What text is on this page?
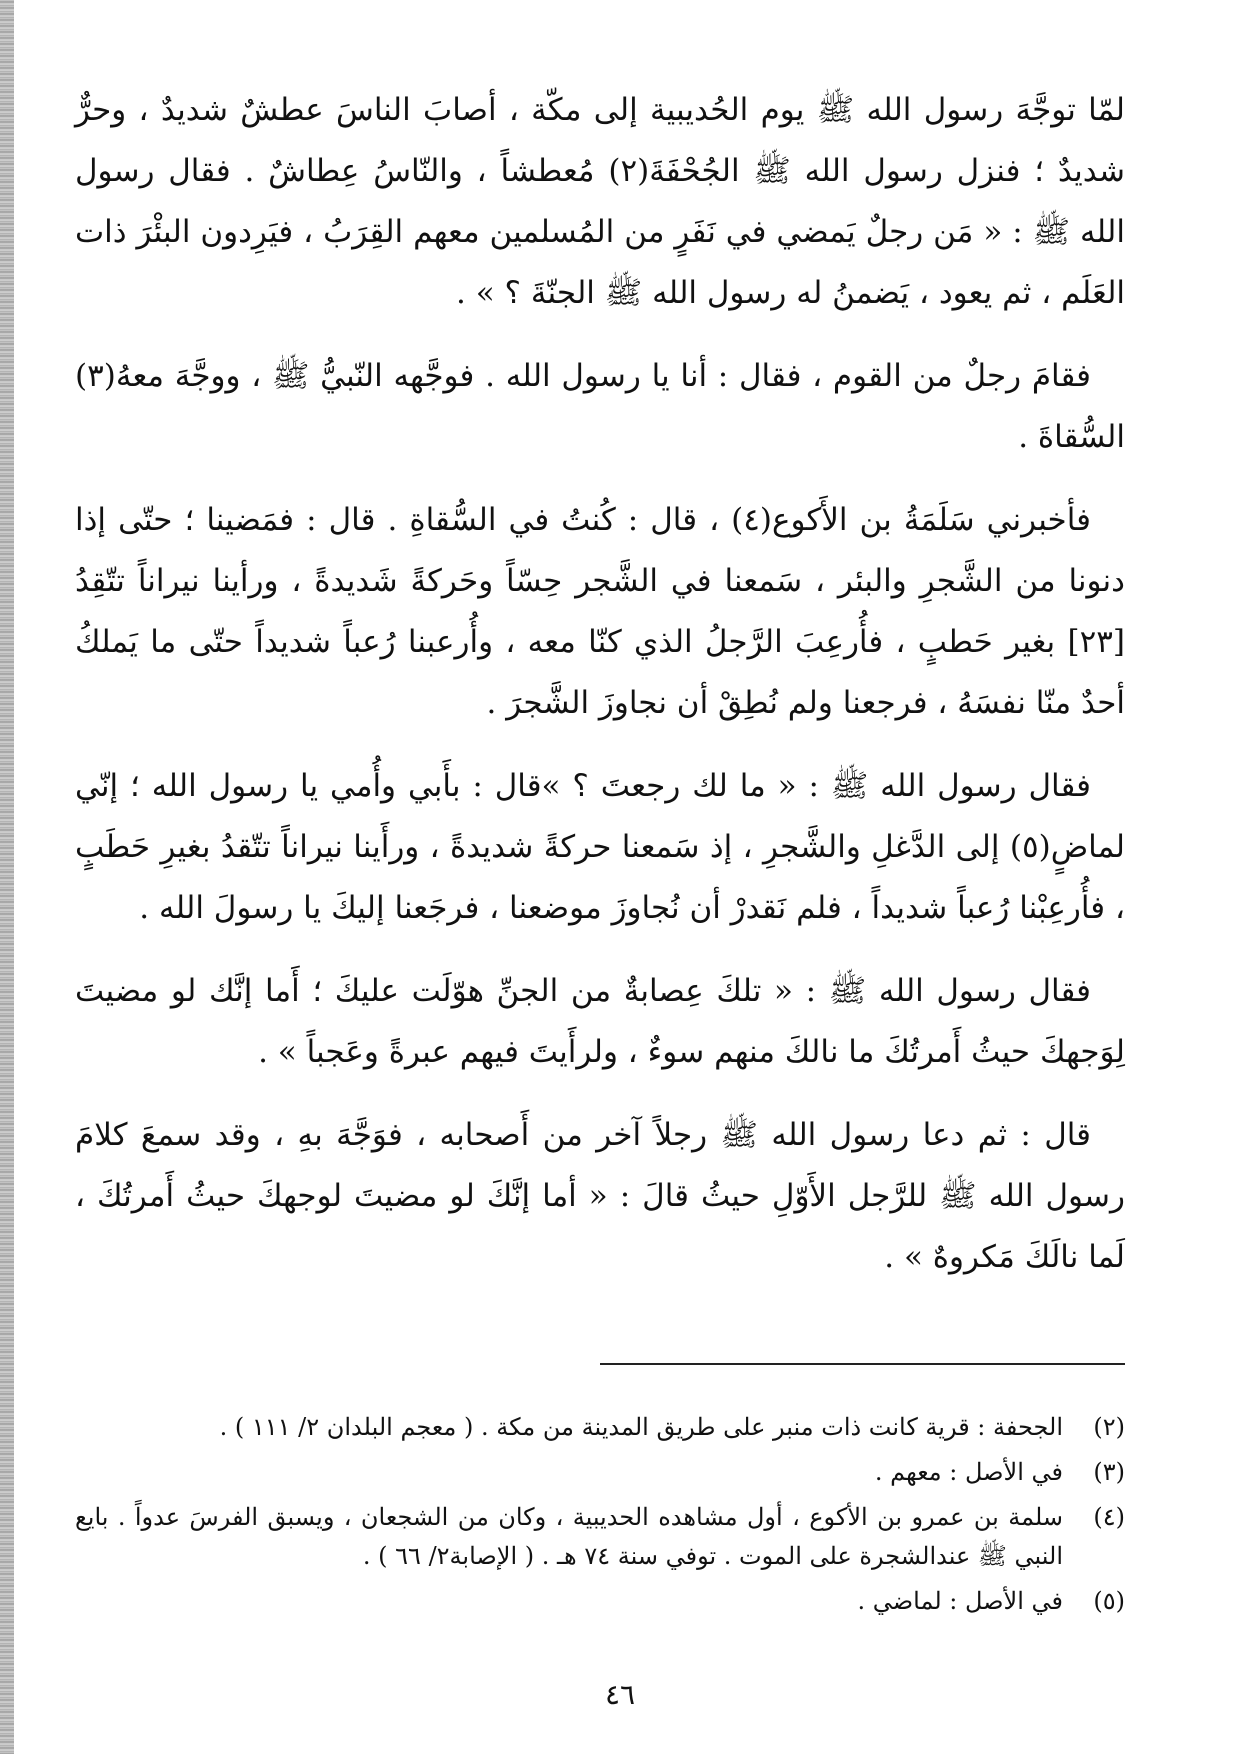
لمّا توجَّهَ رسول الله ﷺ يوم الحُديبية إلى مكّة ، أصابَ الناسَ عطشٌ شديدٌ ، وحرٌّ شديدٌ ؛ فنزل رسول الله ﷺ الجُحْفَةَ(٢) مُعطشاً ، والنّاسُ عِطاشٌ . فقال رسول الله ﷺ : « مَن رجلٌ يَمضي في نَفَرٍ من المُسلمين معهم القِرَبُ ، فيَرِدون البئْرَ ذات العَلَم ، ثم يعود ، يَضمنُ له رسول الله ﷺ الجنّةَ ؟ » .

فقامَ رجلٌ من القوم ، فقال : أنا يا رسول الله . فوجَّهه النّبيُّ ﷺ ، ووجَّهَ معهُ(٣) السُّقاةَ .

فأخبرني سَلَمَةُ بن الأَكوع(٤) ، قال : كُنتُ في السُّقاةِ . قال : فمَضينا ؛ حتّى إذا دنونا من الشَّجرِ والبئر ، سَمعنا في الشَّجر حِسّاً وحَركةً شَديدةً ، ورأينا نيراناً تتّقِدُ [٢٣] بغير حَطبٍ ، فأُرعِبَ الرَّجلُ الذي كنّا معه ، وأُرعبنا رُعباً شديداً حتّى ما يَملكُ أحدٌ منّا نفسَهُ ، فرجعنا ولم نُطِقْ أن نجاوزَ الشَّجرَ .

فقال رسول الله ﷺ : « ما لك رجعتَ ؟ »قال : بأَبي وأُمي يا رسول الله ؛ إنّي لماضٍ(٥) إلى الدَّغلِ والشَّجرِ ، إذ سَمعنا حركةً شديدةً ، ورأَينا نيراناً تتّقدُ بغيرِ حَطَبٍ ، فأُرعِبْنا رُعباً شديداً ، فلم نَقدرْ أن نُجاوزَ موضعنا ، فرجَعنا إليكَ يا رسولَ الله .

فقال رسول الله ﷺ : « تلكَ عِصابةٌ من الجنِّ هوّلَت عليكَ ؛ أَما إنَّك لو مضيتَ لِوَجهكَ حيثُ أَمرتُكَ ما نالكَ منهم سوءٌ ، ولرأَيتَ فيهم عبرةً وعَجباً » .

قال : ثم دعا رسول الله ﷺ رجلاً آخر من أَصحابه ، فوَجَّهَ بهِ ، وقد سمعَ كلامَ رسول الله ﷺ للرَّجل الأَوّلِ حيثُ قالَ : « أما إنَّكَ لو مضيتَ لوجهكَ حيثُ أَمرتُكَ ، لَما نالَكَ مَكروهٌ » .

(٢)
الجحفة : قرية كانت ذات منبر على طريق المدينة من مكة . ( معجم البلدان ٢/ ١١١ ) .
(٣)
في الأصل : معهم .
(٤)
سلمة بن عمرو بن الأكوع ، أول مشاهده الحديبية ، وكان من الشجعان ، ويسبق الفرسَ عدواً . بايع النبي ﷺ عندالشجرة على الموت . توفي سنة ٧٤ هـ . ( الإصابة٢/ ٦٦ ) .
(٥)
في الأصل : لماضي .
٤٦
